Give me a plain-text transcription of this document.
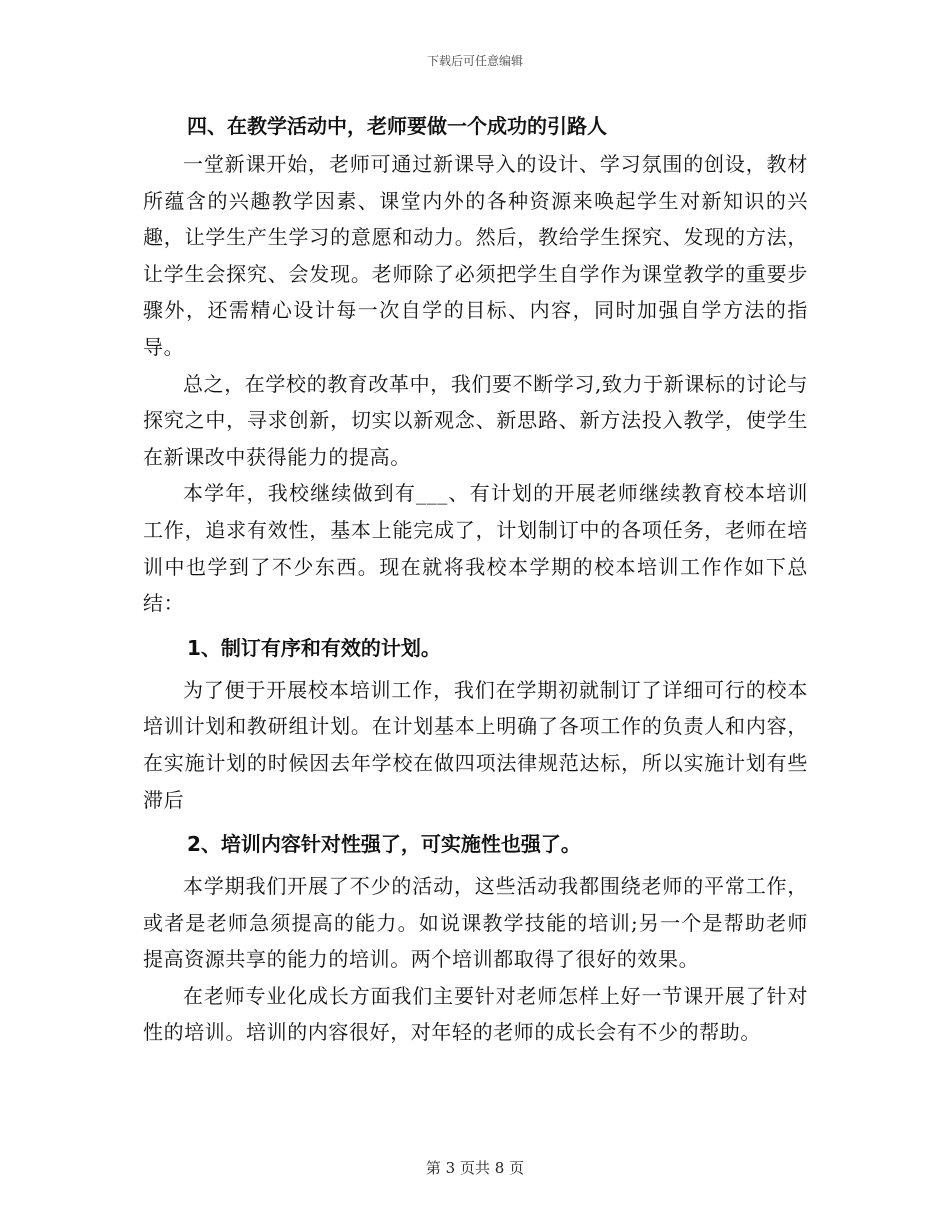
下载后可任意编辑
四、在教学活动中，老师要做一个成功的引路人

一堂新课开始，老师可通过新课导入的设计、学习氛围的创设，教材所蕴含的兴趣教学因素、课堂内外的各种资源来唤起学生对新知识的兴趣，让学生产生学习的意愿和动力。然后，教给学生探究、发现的方法，让学生会探究、会发现。老师除了必须把学生自学作为课堂教学的重要步骤外，还需精心设计每一次自学的目标、内容，同时加强自学方法的指导。

总之，在学校的教育改革中，我们要不断学习,致力于新课标的讨论与探究之中，寻求创新，切实以新观念、新思路、新方法投入教学，使学生在新课改中获得能力的提高。

本学年，我校继续做到有___、有计划的开展老师继续教育校本培训工作，追求有效性，基本上能完成了，计划制订中的各项任务，老师在培训中也学到了不少东西。现在就将我校本学期的校本培训工作作如下总结：

1、制订有序和有效的计划。

为了便于开展校本培训工作，我们在学期初就制订了详细可行的校本培训计划和教研组计划。在计划基本上明确了各项工作的负责人和内容，在实施计划的时候因去年学校在做四项法律规范达标，所以实施计划有些滞后

2、培训内容针对性强了，可实施性也强了。

本学期我们开展了不少的活动，这些活动我都围绕老师的平常工作，或者是老师急须提高的能力。如说课教学技能的培训;另一个是帮助老师提高资源共享的能力的培训。两个培训都取得了很好的效果。

在老师专业化成长方面我们主要针对老师怎样上好一节课开展了针对性的培训。培训的内容很好，对年轻的老师的成长会有不少的帮助。

第 3 页共 8 页
